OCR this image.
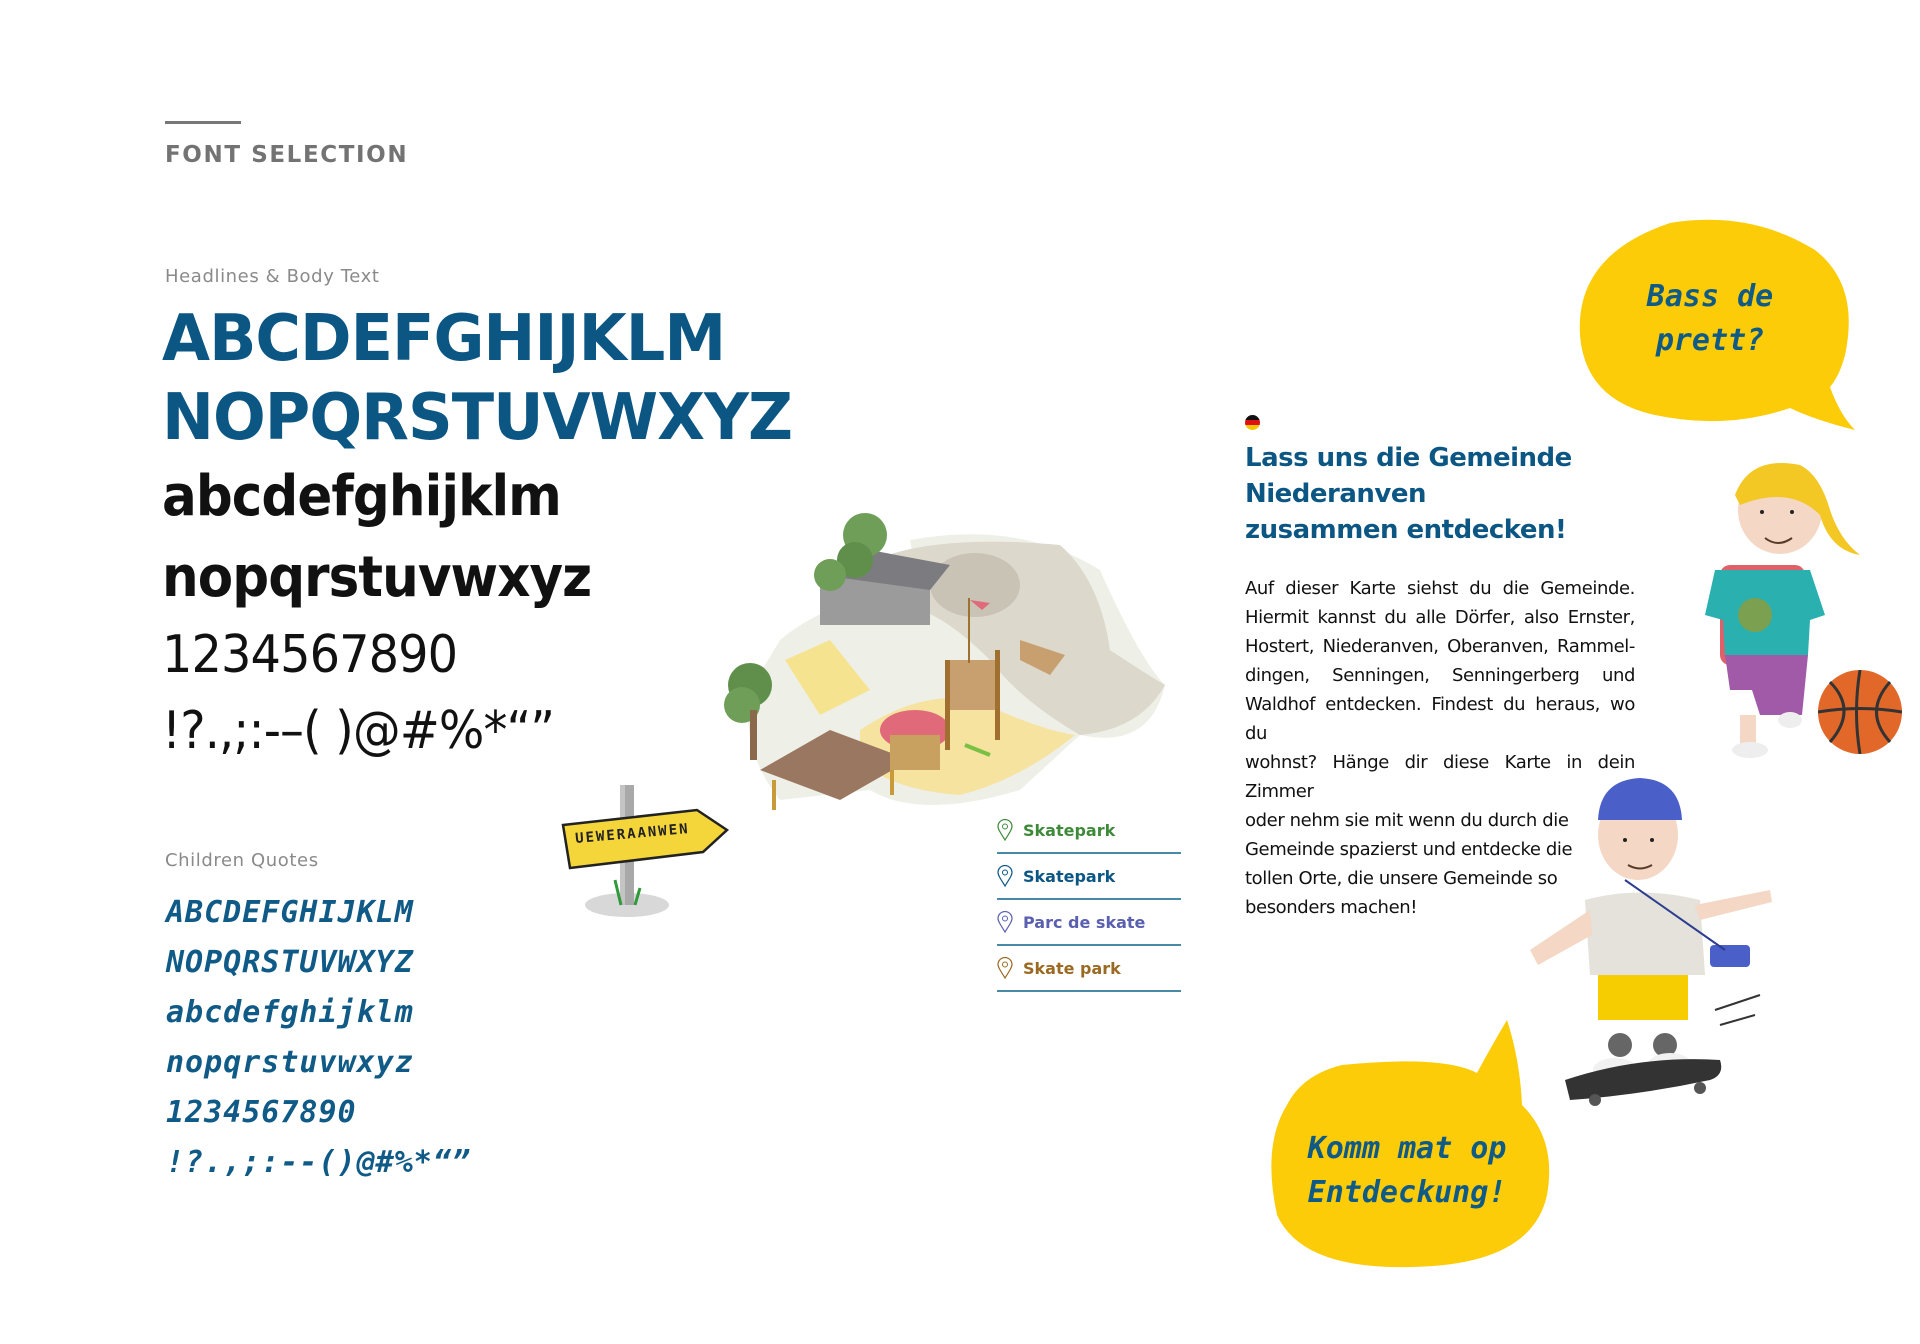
FONT SELECTION
Headlines & Body Text
ABCDEFGHIJKLM
NOPQRSTUVWXYZ
abcdefghijklm
nopqrstuvwxyz
1234567890
!?.,;:-–( )@#%*“”
Children Quotes
ABCDEFGHIJKLM
NOPQRSTUVWXYZ
abcdefghijklm
nopqrstuvwxyz
1234567890
!?.,;:--()@#%*“”
UEWERAANWEN	Skatepark
Skatepark
Parc de skate
Skate park
Lass uns die Gemeinde Niederanven zusammen entdecken!
Auf dieser Karte siehst du die Gemeinde.
Hiermit kannst du alle Dörfer, also Ernster,
Hostert, Niederanven, Oberanven, Rammel-
dingen, Senningen, Senningerberg und
Waldhof entdecken. Findest du heraus, wo du
wohnst? Hänge dir diese Karte in dein Zimmer
oder nehm sie mit wenn du durch die
Gemeinde spazierst und entdecke die
tollen Orte, die unsere Gemeinde so
besonders machen!
Bass de
prett?
Komm mat op
Entdeckung!
